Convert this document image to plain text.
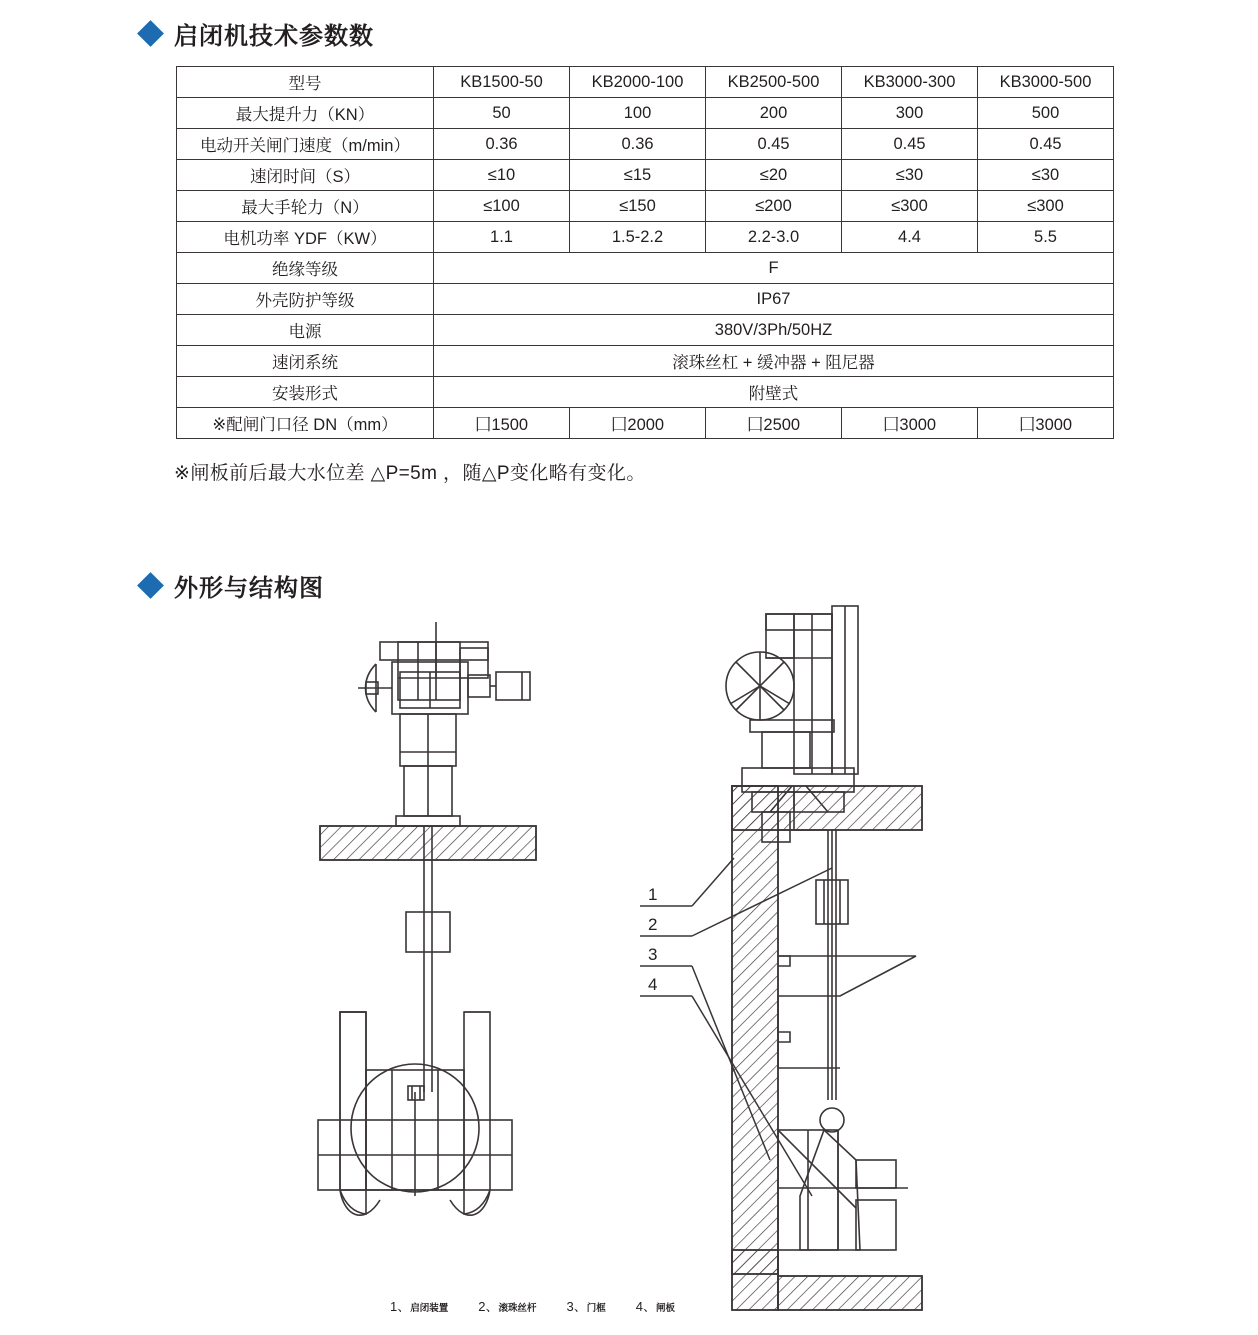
启闭机技术参数数
型号	KB1500-50	KB2000-100	KB2500-500	KB3000-300	KB3000-500
最大提升力（KN）	50	100	200	300	500
电动开关闸门速度（m/min）	0.36	0.36	0.45	0.45	0.45
速闭时间（S）	≤10	≤15	≤20	≤30	≤30
最大手轮力（N）	≤100	≤150	≤200	≤300	≤300
电机功率 YDF（KW）	1.1	1.5-2.2	2.2-3.0	4.4	5.5
绝缘等级	F				
外壳防护等级	IP67				
电源	380V/3Ph/50HZ				
速闭系统	滚珠丝杠 + 缓冲器 + 阻尼器				
安装形式	附壁式				
※配闸门口径 DN（mm）	囗1500	囗2000	囗2500	囗3000	囗3000
※闸板前后最大水位差 △P=5m ，随△P变化略有变化。
外形与结构图
1
2
3
4
1、 启闭装置 2、 滚珠丝杆 3、 门框 4、 闸板
